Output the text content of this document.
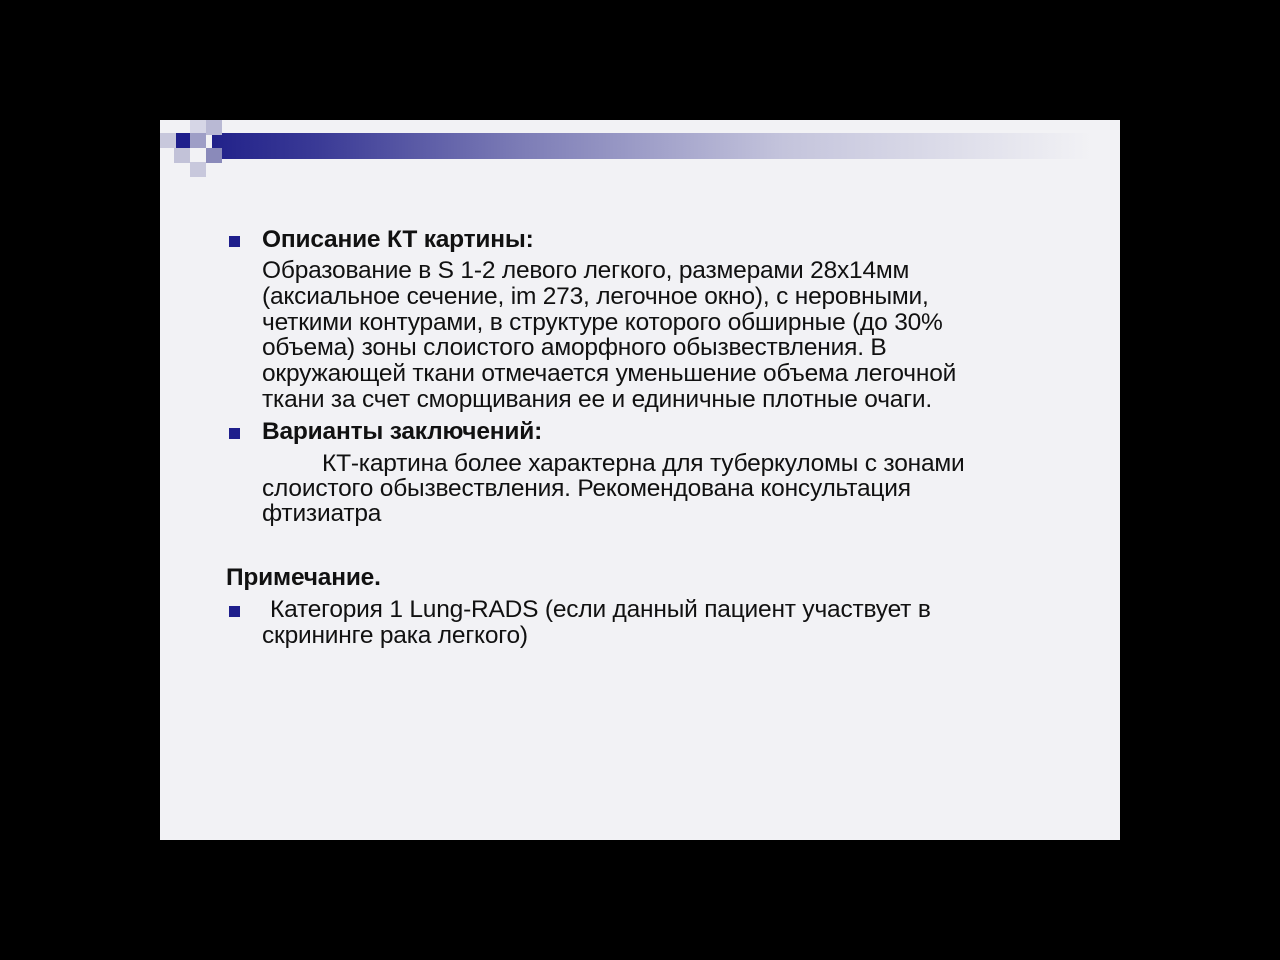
Описание КТ картины:
Образование в S 1-2 левого легкого, размерами 28х14мм
(аксиальное сечение, im 273, легочное окно), с неровными,
четкими контурами, в структуре которого обширные (до 30%
объема) зоны слоистого аморфного обызвествления. В
окружающей ткани отмечается уменьшение объема легочной
ткани за счет сморщивания ее и единичные плотные очаги.
Варианты заключений:
КТ-картина более характерна для туберкуломы с зонами
слоистого обызвествления. Рекомендована консультация
фтизиатра
Примечание.
Категория 1 Lung-RADS (если данный пациент участвует в
скрининге рака легкого)
